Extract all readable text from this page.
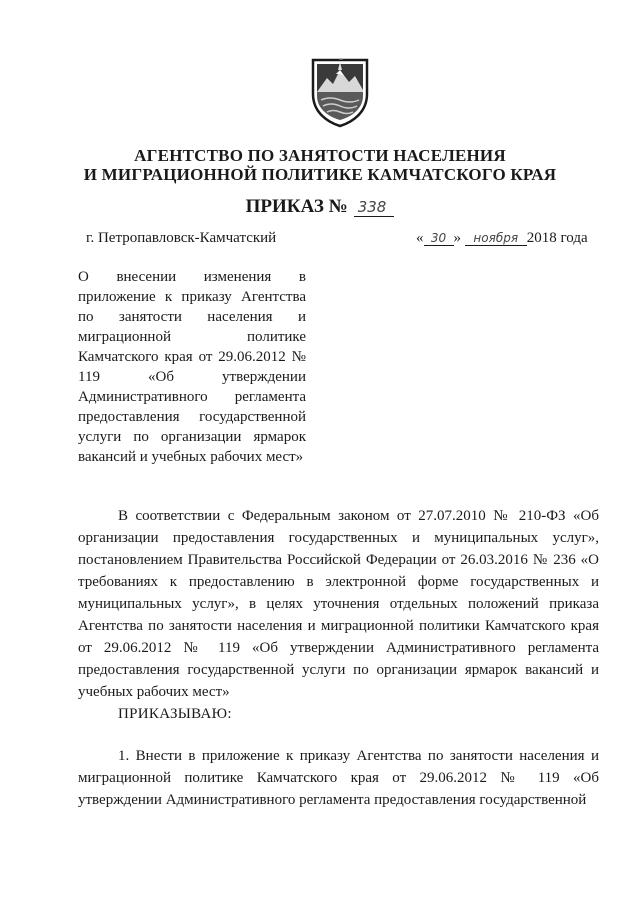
АГЕНТСТВО ПО ЗАНЯТОСТИ НАСЕЛЕНИЯ
И МИГРАЦИОННОЙ ПОЛИТИКЕ КАМЧАТСКОГО КРАЯ
ПРИКАЗ № 338
г. Петропавловск-Камчатский	« 30 » ноября 2018 года
О внесении изменения в приложение к приказу Агентства по занятости населения и миграционной политике Камчатского края от 29.06.2012 № 119 «Об утверждении Административного регламента предоставления государственной услуги по организации ярмарок вакансий и учебных рабочих мест»

В соответствии с Федеральным законом от 27.07.2010 № 210-ФЗ «Об организации предоставления государственных и муниципальных услуг», постановлением Правительства Российской Федерации от 26.03.2016 № 236 «О требованиях к предоставлению в электронной форме государственных и муниципальных услуг», в целях уточнения отдельных положений приказа Агентства по занятости населения и миграционной политики Камчатского края от 29.06.2012 № 119 «Об утверждении Административного регламента предоставления государственной услуги по организации ярмарок вакансий и учебных рабочих мест»

ПРИКАЗЫВАЮ:

1. Внести в приложение к приказу Агентства по занятости населения и миграционной политике Камчатского края от 29.06.2012 № 119 «Об утверждении Административного регламента предоставления государственной
